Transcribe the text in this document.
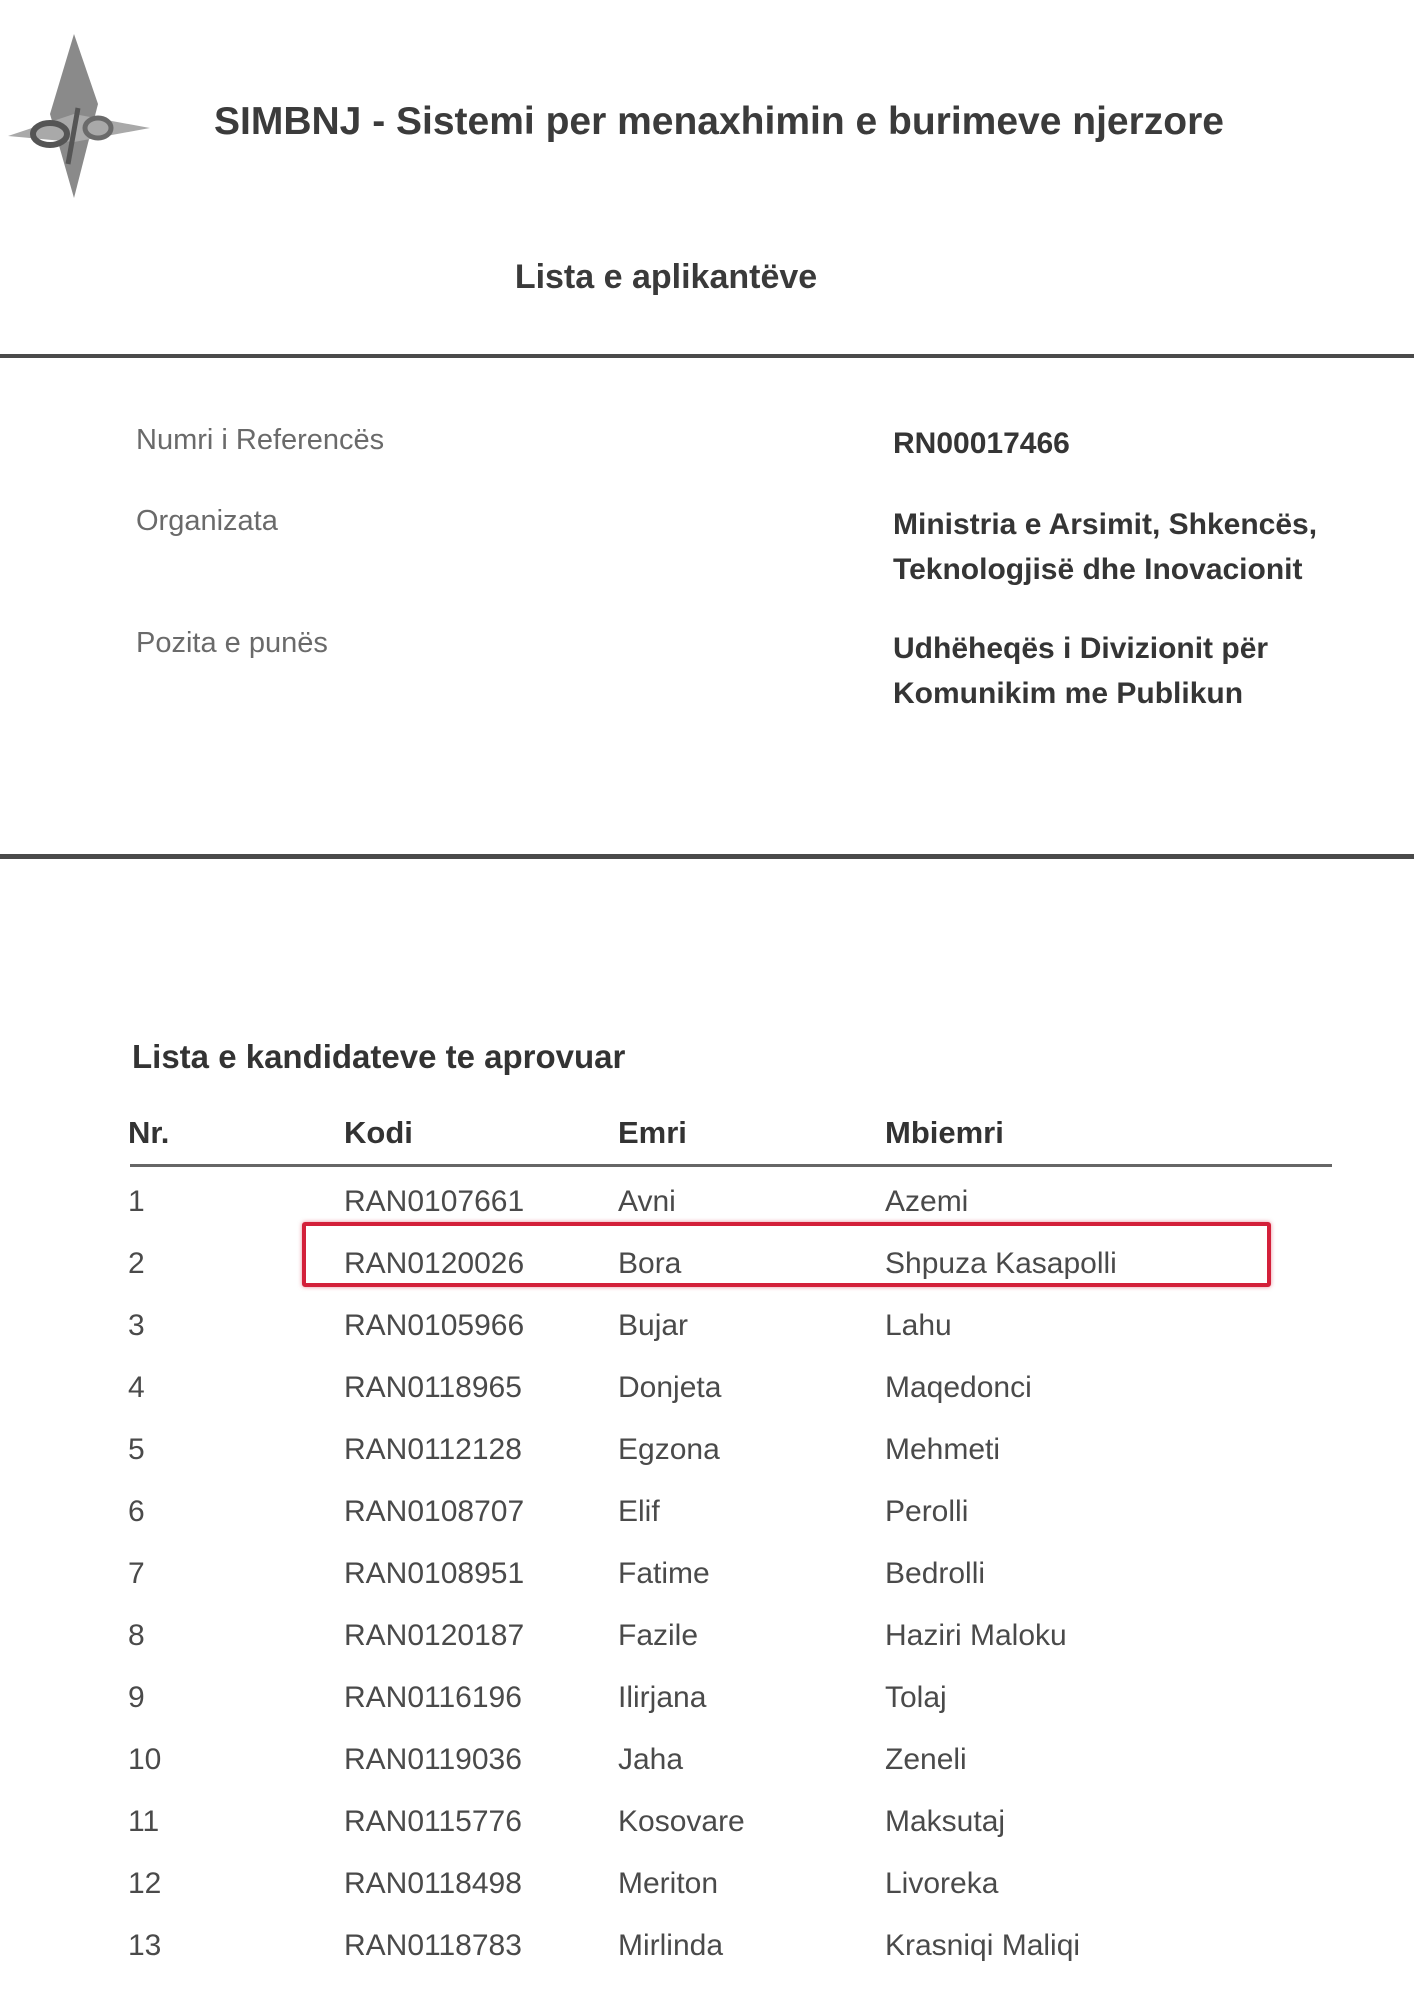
SIMBNJ - Sistemi per menaxhimin e burimeve njerzore
Lista e aplikantëve
Numri i Referencës	RN00017466
Organizata	Ministria e Arsimit, Shkencës, Teknologjisë dhe Inovacionit
Pozita e punës	Udhëheqës i Divizionit për Komunikim me Publikun
Lista e kandidateve te aprovuar
Nr.	Kodi	Emri	Mbiemri
1	RAN0107661	Avni	Azemi
2	RAN0120026	Bora	Shpuza Kasapolli
3	RAN0105966	Bujar	Lahu
4	RAN0118965	Donjeta	Maqedonci
5	RAN0112128	Egzona	Mehmeti
6	RAN0108707	Elif	Perolli
7	RAN0108951	Fatime	Bedrolli
8	RAN0120187	Fazile	Haziri Maloku
9	RAN0116196	Ilirjana	Tolaj
10	RAN0119036	Jaha	Zeneli
11	RAN0115776	Kosovare	Maksutaj
12	RAN0118498	Meriton	Livoreka
13	RAN0118783	Mirlinda	Krasniqi Maliqi
